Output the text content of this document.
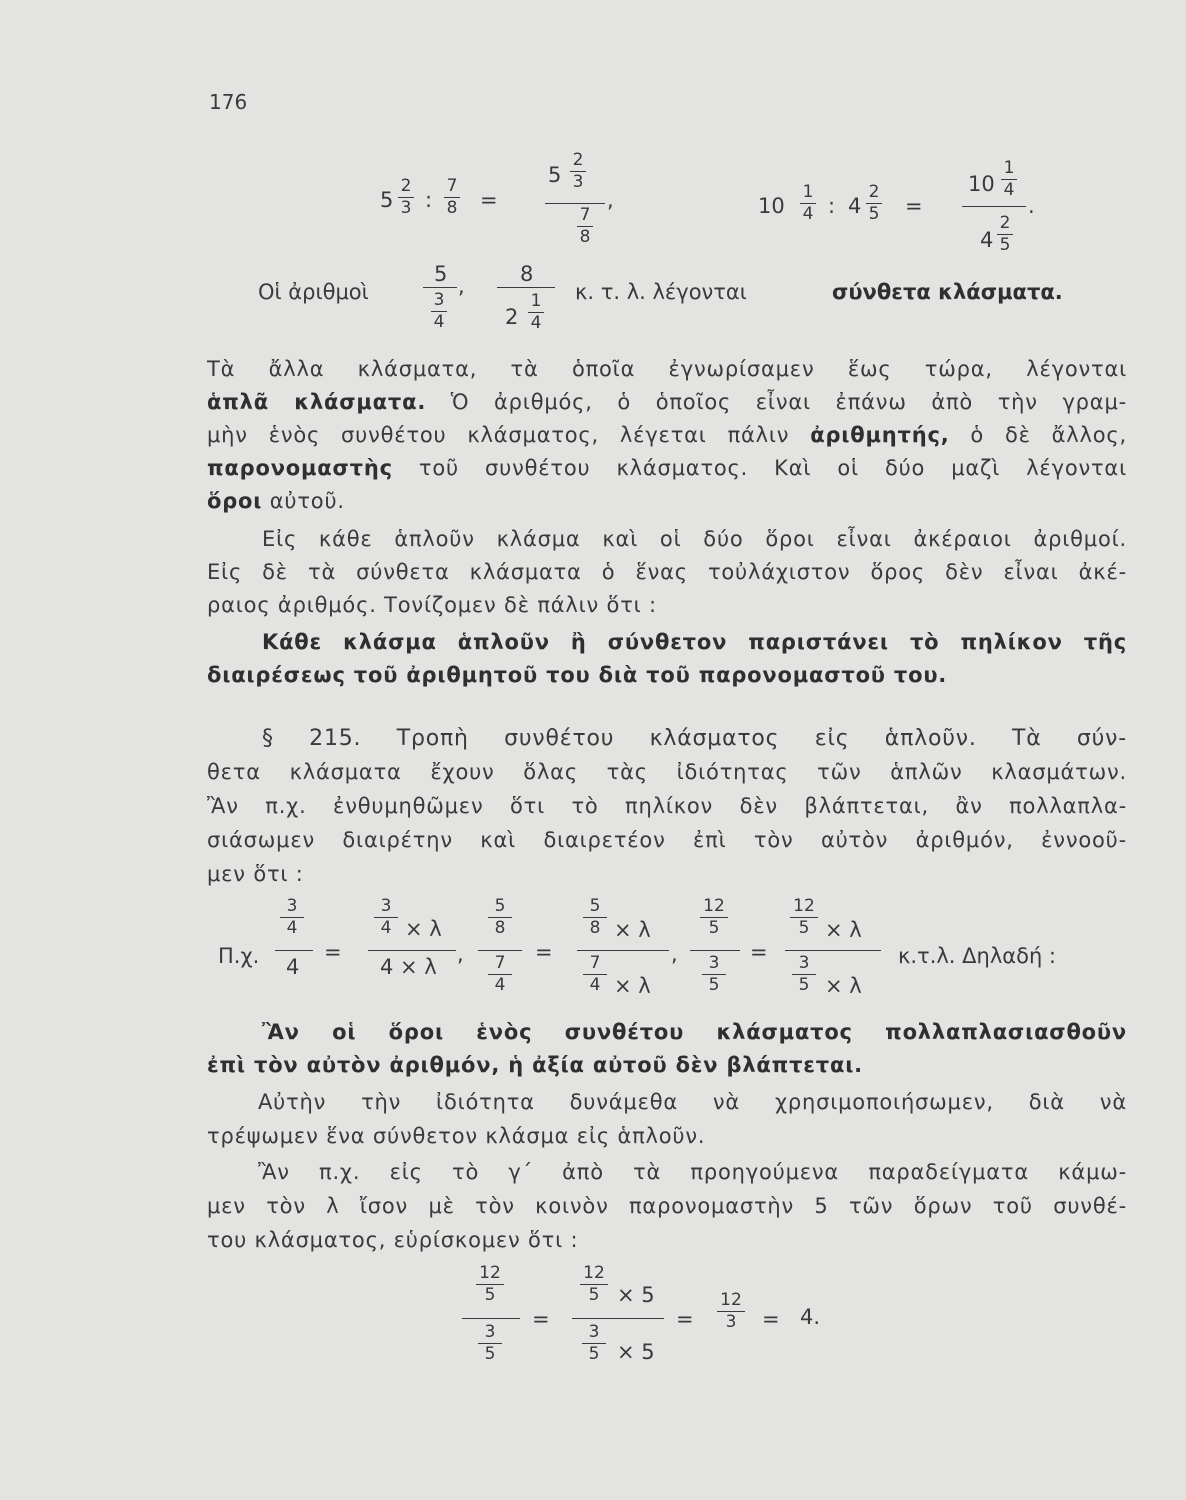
176
5
2
3 :
7
8 =
5
2
3
7
8
,	10
1
4 : 4
2
5 =
10
1
4
4
2
5
.
Οἱ ἀριθμοὶ
5
3
4
,	8
2
1
4
κ. τ. λ. λέγονται	σύνθετα κλάσματα.
Τὰ ἄλλα κλάσματα, τὰ ὁποῖα ἐγνωρίσαμεν ἕως τώρα, λέγονται
ἁπλᾶ κλάσματα. Ὁ ἀριθμός, ὁ ὁποῖος εἶναι ἐπάνω ἀπὸ τὴν γραμ-
μὴν ἑνὸς συνθέτου κλάσματος, λέγεται πάλιν ἀριθμητής, ὁ δὲ ἄλλος,
παρονομαστὴς τοῦ συνθέτου κλάσματος. Καὶ οἱ δύο μαζὶ λέγονται
ὅροι αὐτοῦ.
Εἰς κάθε ἁπλοῦν κλάσμα καὶ οἱ δύο ὅροι εἶναι ἀκέραιοι ἀριθμοί.
Εἰς δὲ τὰ σύνθετα κλάσματα ὁ ἕνας τοὐλάχιστον ὅρος δὲν εἶναι ἀκέ-
ραιος ἀριθμός. Τονίζομεν δὲ πάλιν ὅτι :
Κάθε κλάσμα ἁπλοῦν ἢ σύνθετον παριστάνει τὸ πηλίκον τῆς
διαιρέσεως τοῦ ἀριθμητοῦ του διὰ τοῦ παρονομαστοῦ του.
§ 215. Τροπὴ συνθέτου κλάσματος εἰς ἁπλοῦν. Τὰ σύν-
θετα κλάσματα ἔχουν ὅλας τὰς ἰδιότητας τῶν ἁπλῶν κλασμάτων.
Ἂν π.χ. ἐνθυμηθῶμεν ὅτι τὸ πηλίκον δὲν βλάπτεται, ἂν πολλαπλα-
σιάσωμεν διαιρέτην καὶ διαιρετέον ἐπὶ τὸν αὐτὸν ἀριθμόν, ἐννοοῦ-
μεν ὅτι :
Π.χ.
3
4
4
=
3
4 × λ
4 × λ
,
5
8
7
4
=
5
8 × λ
7
4 × λ
,
12
5
3
5
=
12
5 × λ
3
5 × λ
κ.τ.λ. Δηλαδή :
Ἂν οἱ ὅροι ἑνὸς συνθέτου κλάσματος πολλαπλασιασθοῦν
ἐπὶ τὸν αὐτὸν ἀριθμόν, ἡ ἀξία αὐτοῦ δὲν βλάπτεται.
Αὐτὴν τὴν ἰδιότητα δυνάμεθα νὰ χρησιμοποιήσωμεν, διὰ νὰ
τρέψωμεν ἕνα σύνθετον κλάσμα εἰς ἁπλοῦν.
Ἂν π.χ. εἰς τὸ γ΄ ἀπὸ τὰ προηγούμενα παραδείγματα κάμω-
μεν τὸν λ ἴσον μὲ τὸν κοινὸν παρονομαστὴν 5 τῶν ὅρων τοῦ συνθέ-
του κλάσματος, εὑρίσκομεν ὅτι :
12
5
3
5
=
12
5 × 5
3
5 × 5
=
12
3	= 4.
